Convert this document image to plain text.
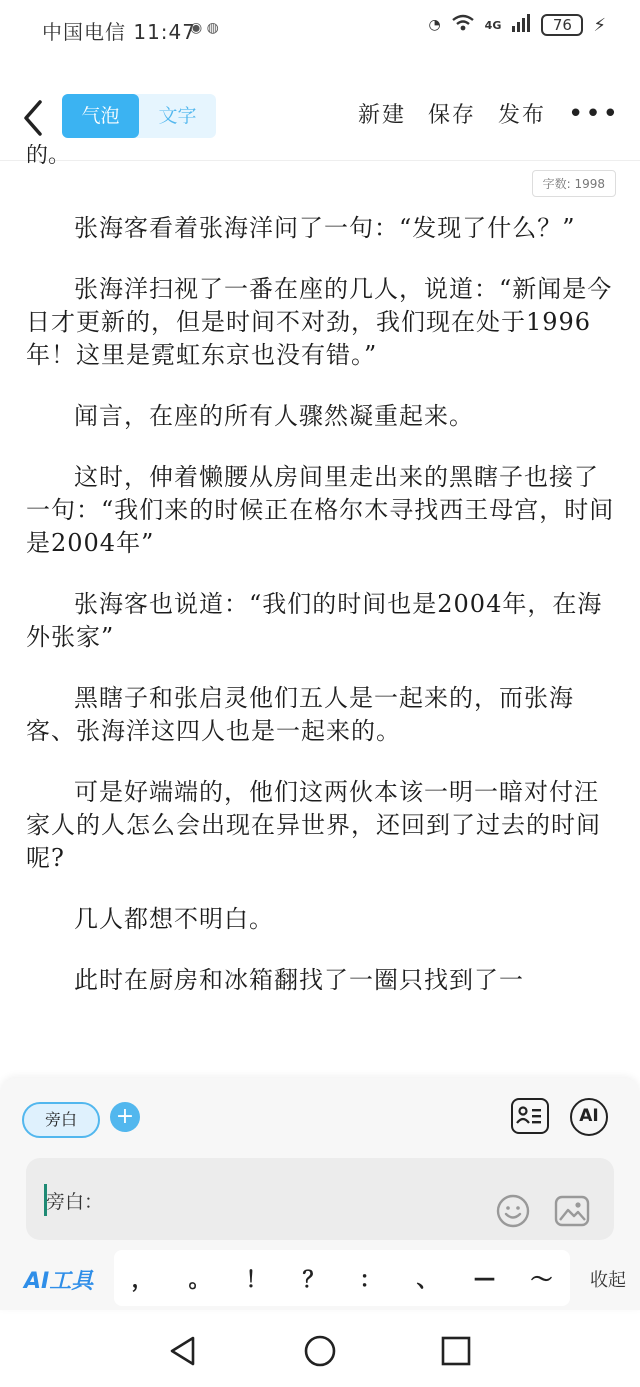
中国电信 11:47
◉ ◍	◔	4G	76	⚡
气泡	文字	新建 保存 发布 •••
的。
字数: 1998

张海客看着张海洋问了一句：“发现了什么？”

张海洋扫视了一番在座的几人，说道：“新闻是今日才更新的，但是时间不对劲，我们现在处于1996年！这里是霓虹东京也没有错。”

闻言，在座的所有人骤然凝重起来。

这时，伸着懒腰从房间里走出来的黑瞎子也接了一句：“我们来的时候正在格尔木寻找西王母宫，时间是2004年”

张海客也说道：“我们的时间也是2004年，在海外张家”

黑瞎子和张启灵他们五人是一起来的，而张海客、张海洋这四人也是一起来的。

可是好端端的，他们这两伙本该一明一暗对付汪家人的人怎么会出现在异世界，还回到了过去的时间呢?

几人都想不明白。

此时在厨房和冰箱翻找了一圈只找到了一

旁白	+	AI
旁白：
AI工具	，	。	！	？	：	、	—	～	收起
